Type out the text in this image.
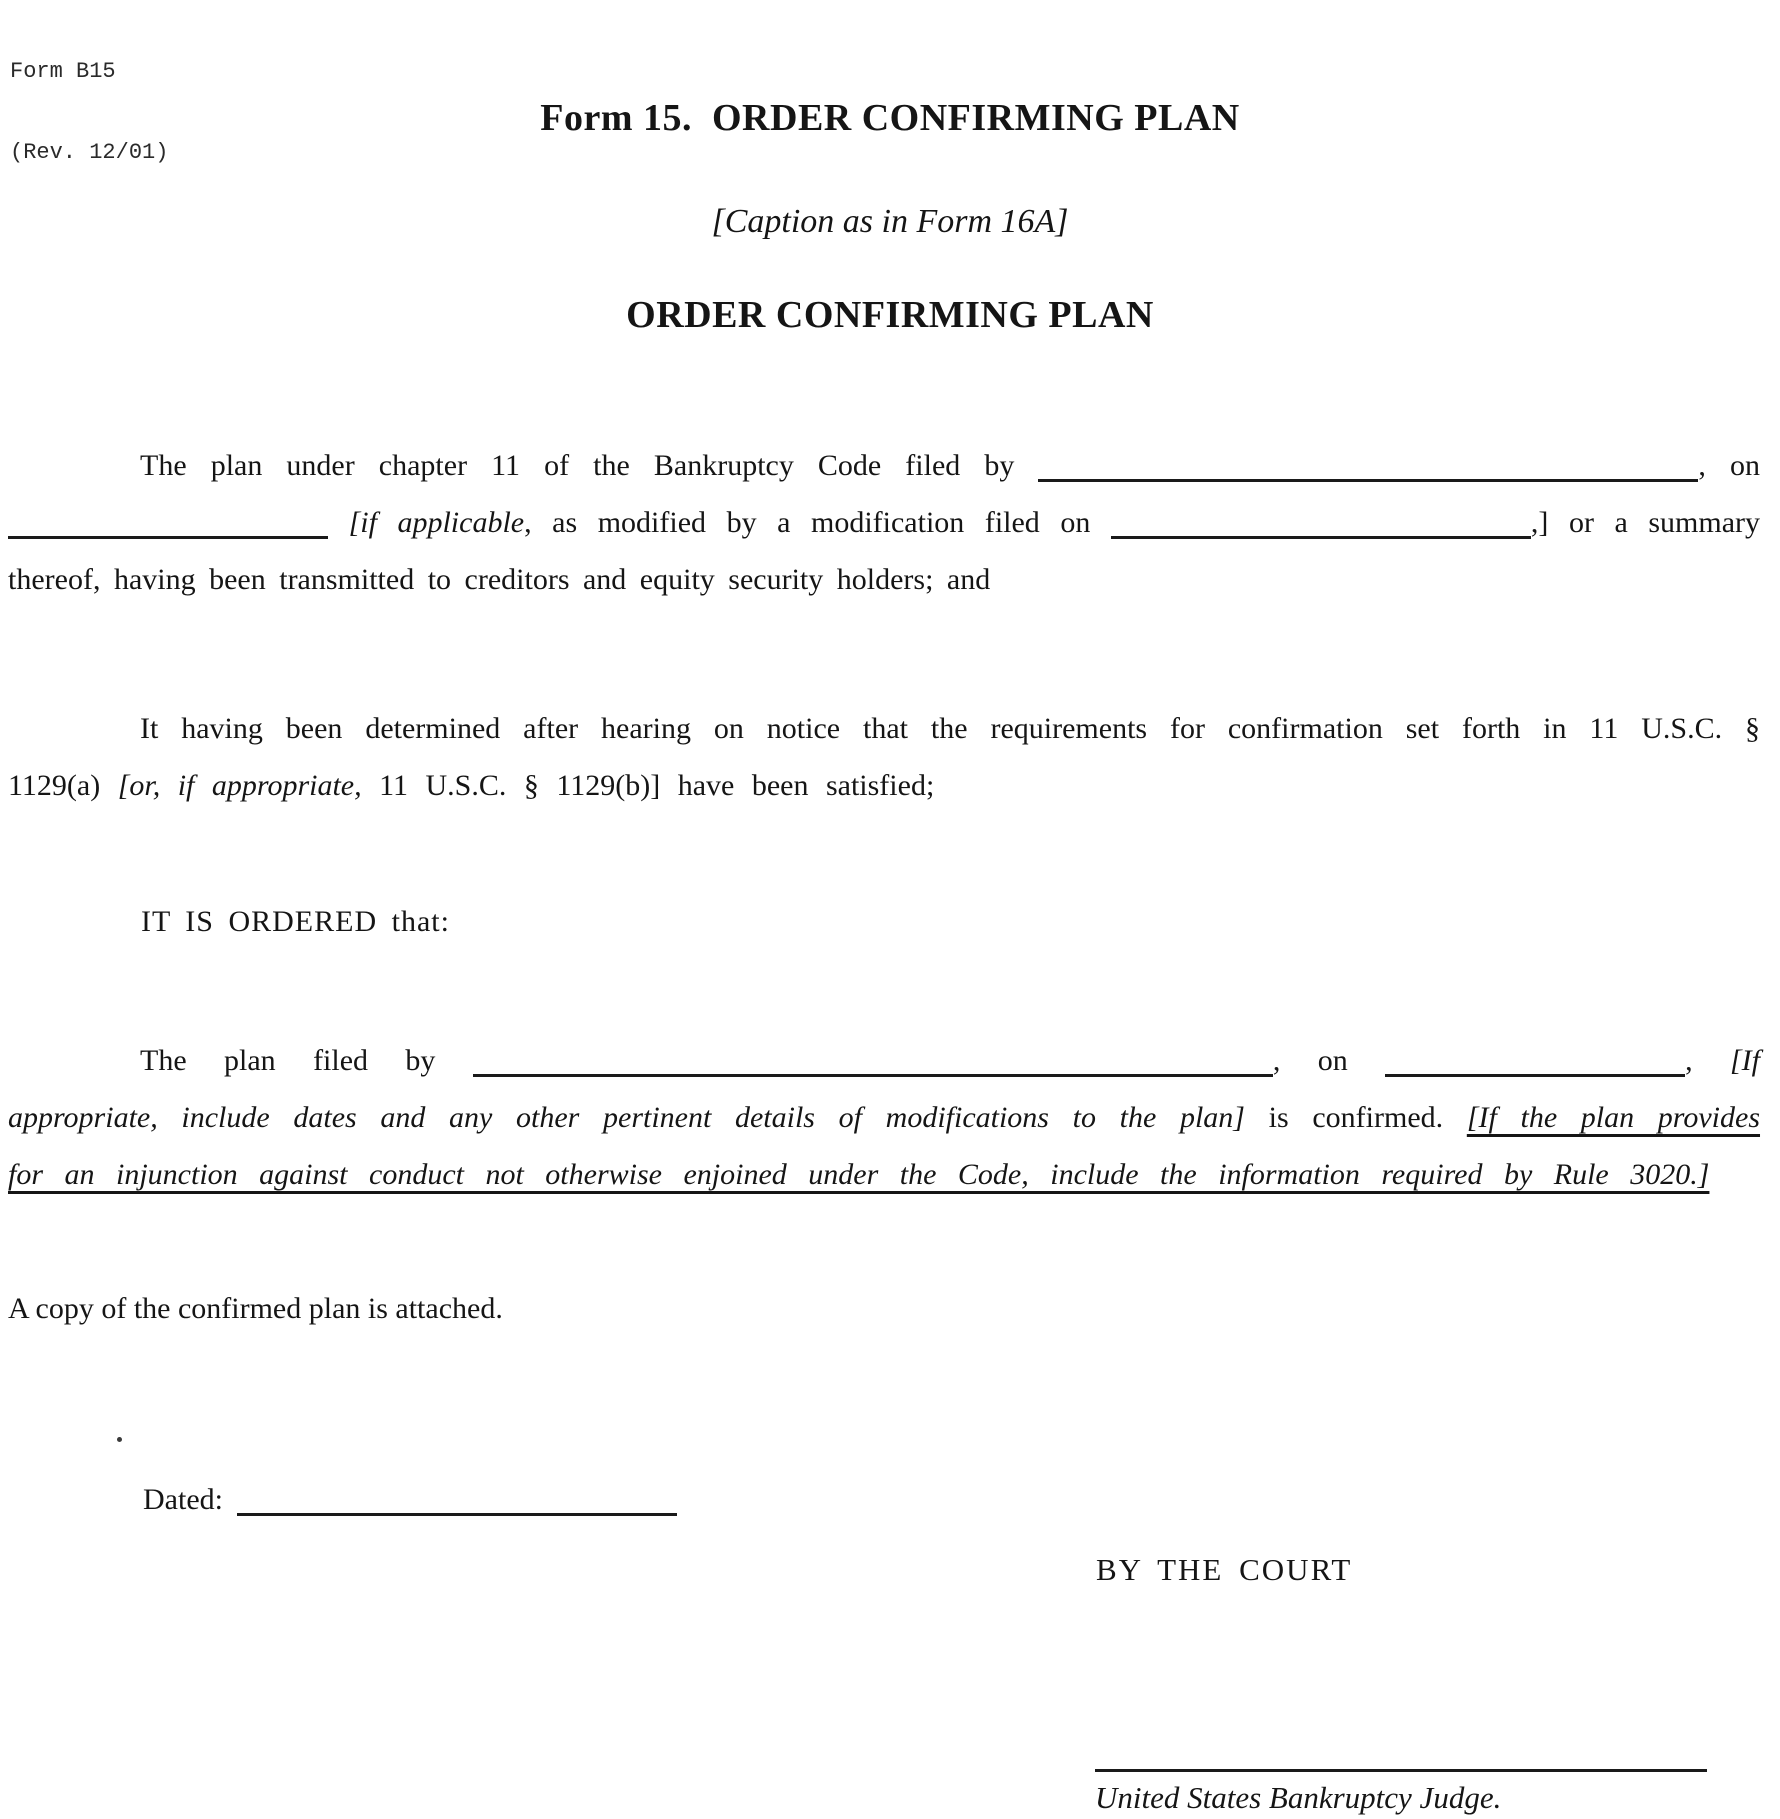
Form B15

(Rev. 12/01)

Form 15.  ORDER CONFIRMING PLAN
[Caption as in Form 16A]
ORDER CONFIRMING PLAN
The plan under chapter 11 of the Bankruptcy Code filed by	, on  [if applicable, as modified by a modification filed on	,] or a summary thereof, having been transmitted to creditors and equity security holders; and
It having been determined after hearing on notice that the requirements for confirmation set forth in 11 U.S.C. § 1129(a) [or, if appropriate, 11 U.S.C. § 1129(b)] have been satisfied;
IT IS ORDERED that:
The plan filed by	, on	, [If appropriate, include dates and any other pertinent details of modifications to the plan] is confirmed. [If the plan provides for an injunction against conduct not otherwise enjoined under the Code, include the information required by Rule 3020.]
A copy of the confirmed plan is attached.
Dated:
BY THE COURT
United States Bankruptcy Judge.
